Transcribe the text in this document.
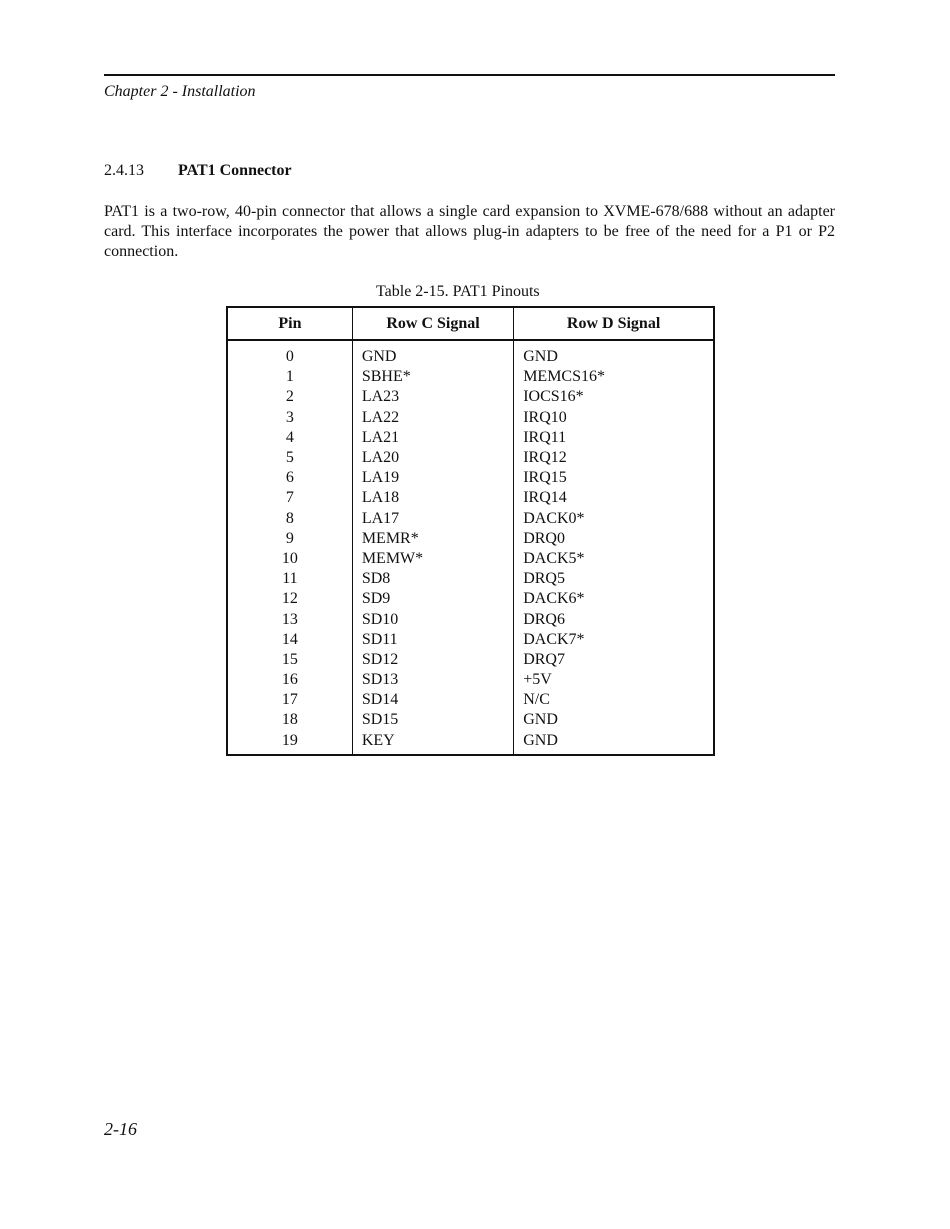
Chapter 2 - Installation
2.4.13 PAT1 Connector

PAT1 is a two-row, 40-pin connector that allows a single card expansion to XVME-678/688 without an adapter card. This interface incorporates the power that allows plug-in adapters to be free of the need for a P1 or P2 connection.

Table 2-15. PAT1 Pinouts
Pin	Row C Signal	Row D Signal
0	GND	GND
1	SBHE*	MEMCS16*
2	LA23	IOCS16*
3	LA22	IRQ10
4	LA21	IRQ11
5	LA20	IRQ12
6	LA19	IRQ15
7	LA18	IRQ14
8	LA17	DACK0*
9	MEMR*	DRQ0
10	MEMW*	DACK5*
11	SD8	DRQ5
12	SD9	DACK6*
13	SD10	DRQ6
14	SD11	DACK7*
15	SD12	DRQ7
16	SD13	+5V
17	SD14	N/C
18	SD15	GND
19	KEY	GND
2-16
